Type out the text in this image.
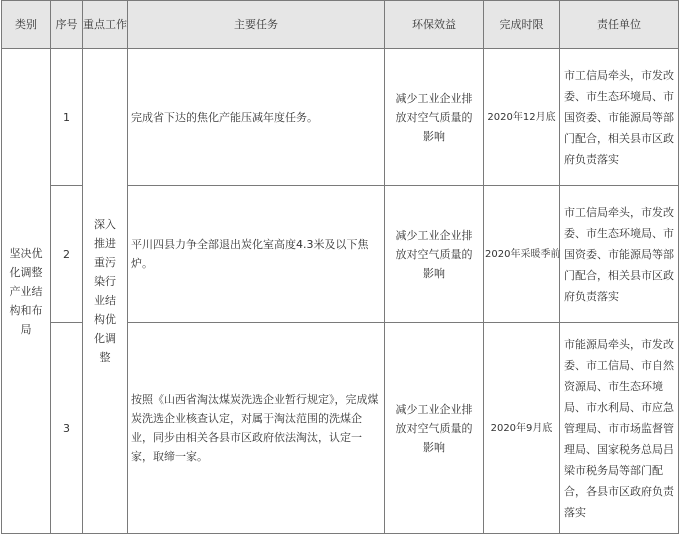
类别	序号	重点工作	主要任务	环保效益	完成时限	责任单位
坚决优化调整产业结构和布局	1	深入推进重污染行业结构优化调整	完成省下达的焦化产能压减年度任务。	减少工业企业排放对空气质量的影响	2020年12月底	市工信局牵头，市发改委、市生态环境局、市国资委、市能源局等部门配合，相关县市区政府负责落实
	2		平川四县力争全部退出炭化室高度4.3米及以下焦炉。	减少工业企业排放对空气质量的影响	2020年采暖季前	市工信局牵头，市发改委、市生态环境局、市国资委、市能源局等部门配合，相关县市区政府负责落实
	3		按照《山西省淘汰煤炭洗选企业暂行规定》，完成煤炭洗选企业核查认定，对属于淘汰范围的洗煤企业，同步由相关各县市区政府依法淘汰，认定一家，取缔一家。	减少工业企业排放对空气质量的影响	2020年9月底	市能源局牵头，市发改委、市工信局、市自然资源局、市生态环境局、市水利局、市应急管理局、市市场监督管理局、国家税务总局吕梁市税务局等部门配合，各县市区政府负责落实
